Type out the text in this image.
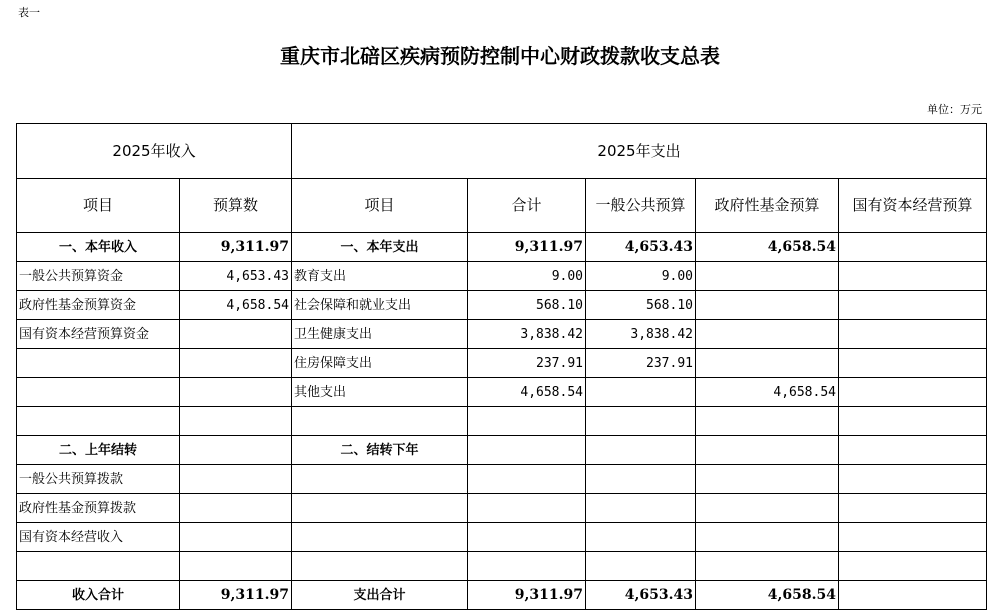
表一
重庆市北碚区疾病预防控制中心财政拨款收支总表
单位：万元
2025年收入		2025年支出				
项目	预算数	项目	合计	一般公共预算	政府性基金预算	国有资本经营预算
一、本年收入	9,311.97	一、本年支出	9,311.97	4,653.43	4,658.54	
一般公共预算资金	4,653.43	教育支出	9.00	9.00		
政府性基金预算资金	4,658.54	社会保障和就业支出	568.10	568.10		
国有资本经营预算资金		卫生健康支出	3,838.42	3,838.42		
		住房保障支出	237.91	237.91		
		其他支出	4,658.54		4,658.54	

二、上年结转		二、结转下年				
一般公共预算拨款						
政府性基金预算拨款						
国有资本经营收入						

收入合计	9,311.97	支出合计	9,311.97	4,653.43	4,658.54	
